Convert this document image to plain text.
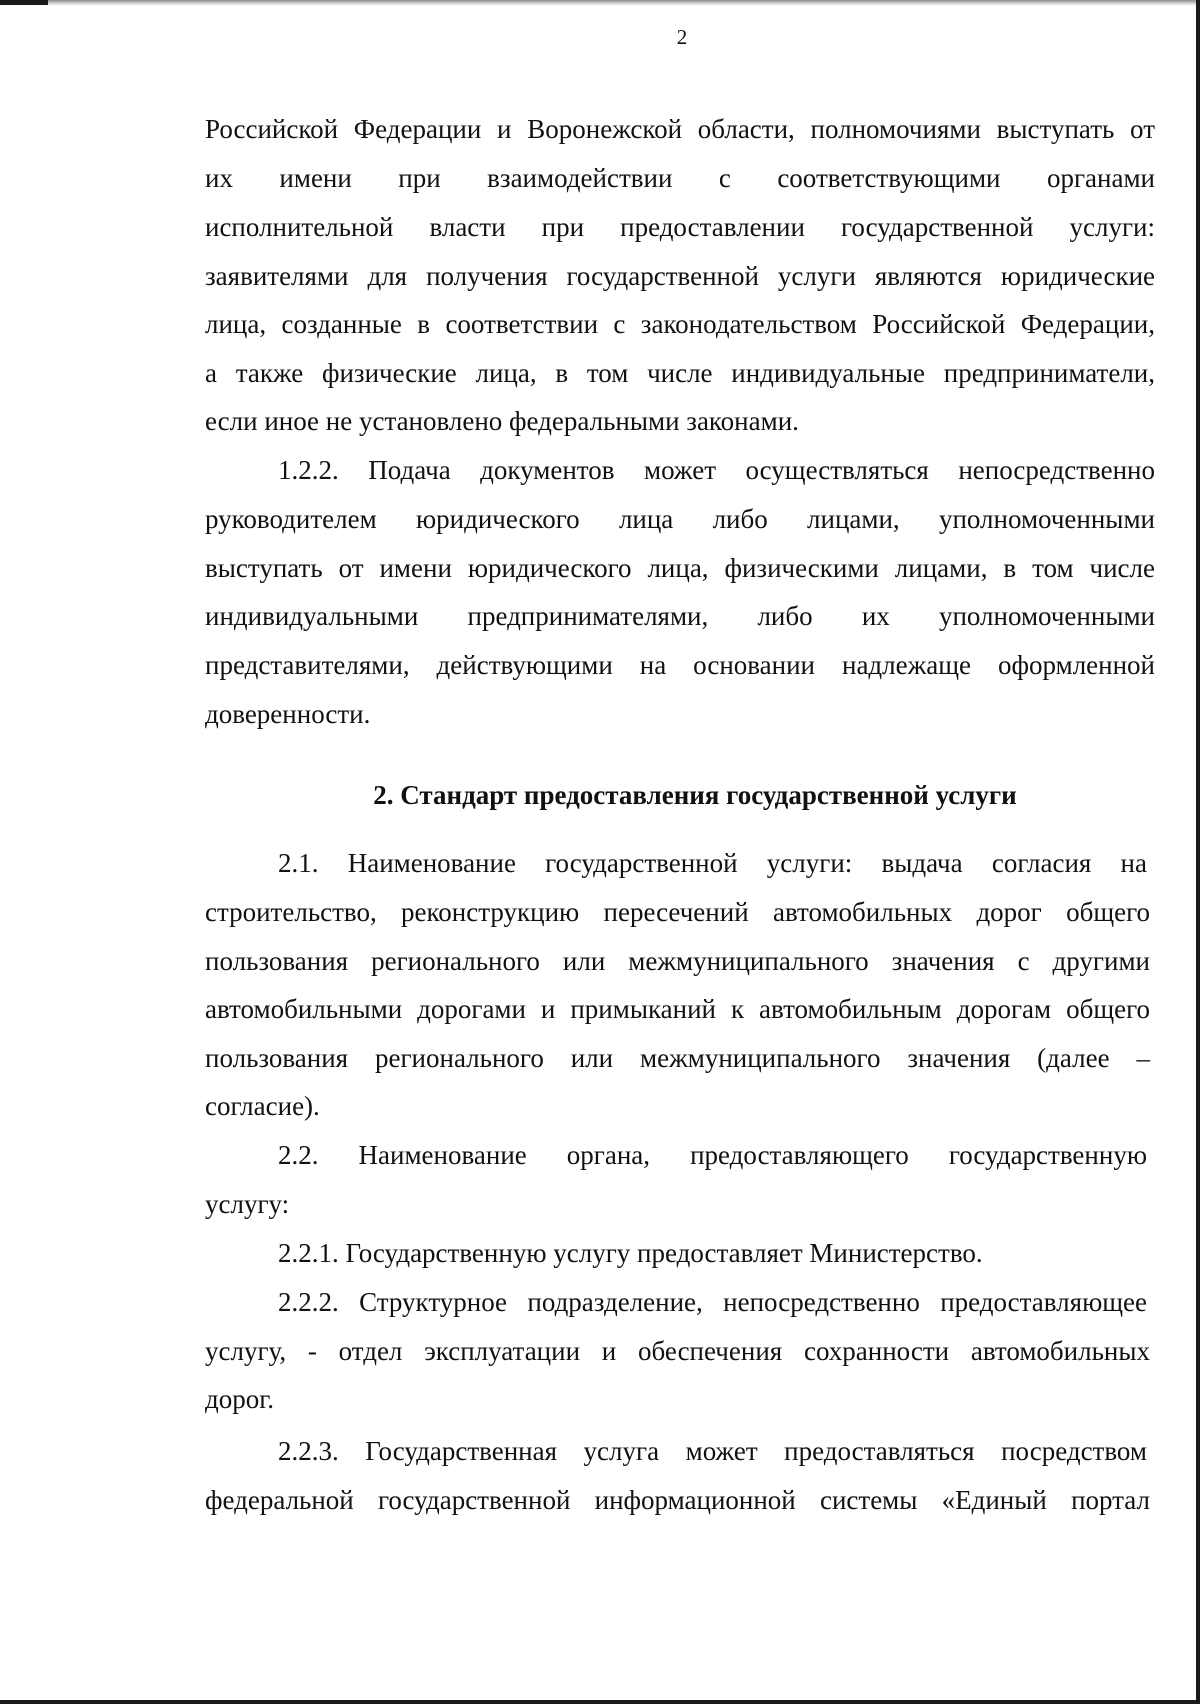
2
Российской Федерации и Воронежской области, полномочиями выступать от
их имени при взаимодействии с соответствующими органами
исполнительной власти при предоставлении государственной услуги:
заявителями для получения государственной услуги являются юридические
лица, созданные в соответствии с законодательством Российской Федерации,
а также физические лица, в том числе индивидуальные предприниматели,
если иное не установлено федеральными законами.
1.2.2. Подача документов может осуществляться непосредственно
руководителем юридического лица либо лицами, уполномоченными
выступать от имени юридического лица, физическими лицами, в том числе
индивидуальными предпринимателями, либо их уполномоченными
представителями, действующими на основании надлежаще оформленной
доверенности.
2. Стандарт предоставления государственной услуги
2.1. Наименование государственной услуги: выдача согласия на
строительство, реконструкцию пересечений автомобильных дорог общего
пользования регионального или межмуниципального значения с другими
автомобильными дорогами и примыканий к автомобильным дорогам общего
пользования регионального или межмуниципального значения (далее –
согласие).
2.2. Наименование органа, предоставляющего государственную
услугу:
2.2.1. Государственную услугу предоставляет Министерство.
2.2.2. Структурное подразделение, непосредственно предоставляющее
услугу, - отдел эксплуатации и обеспечения сохранности автомобильных
дорог.
2.2.3. Государственная услуга может предоставляться посредством
федеральной государственной информационной системы «Единый портал
